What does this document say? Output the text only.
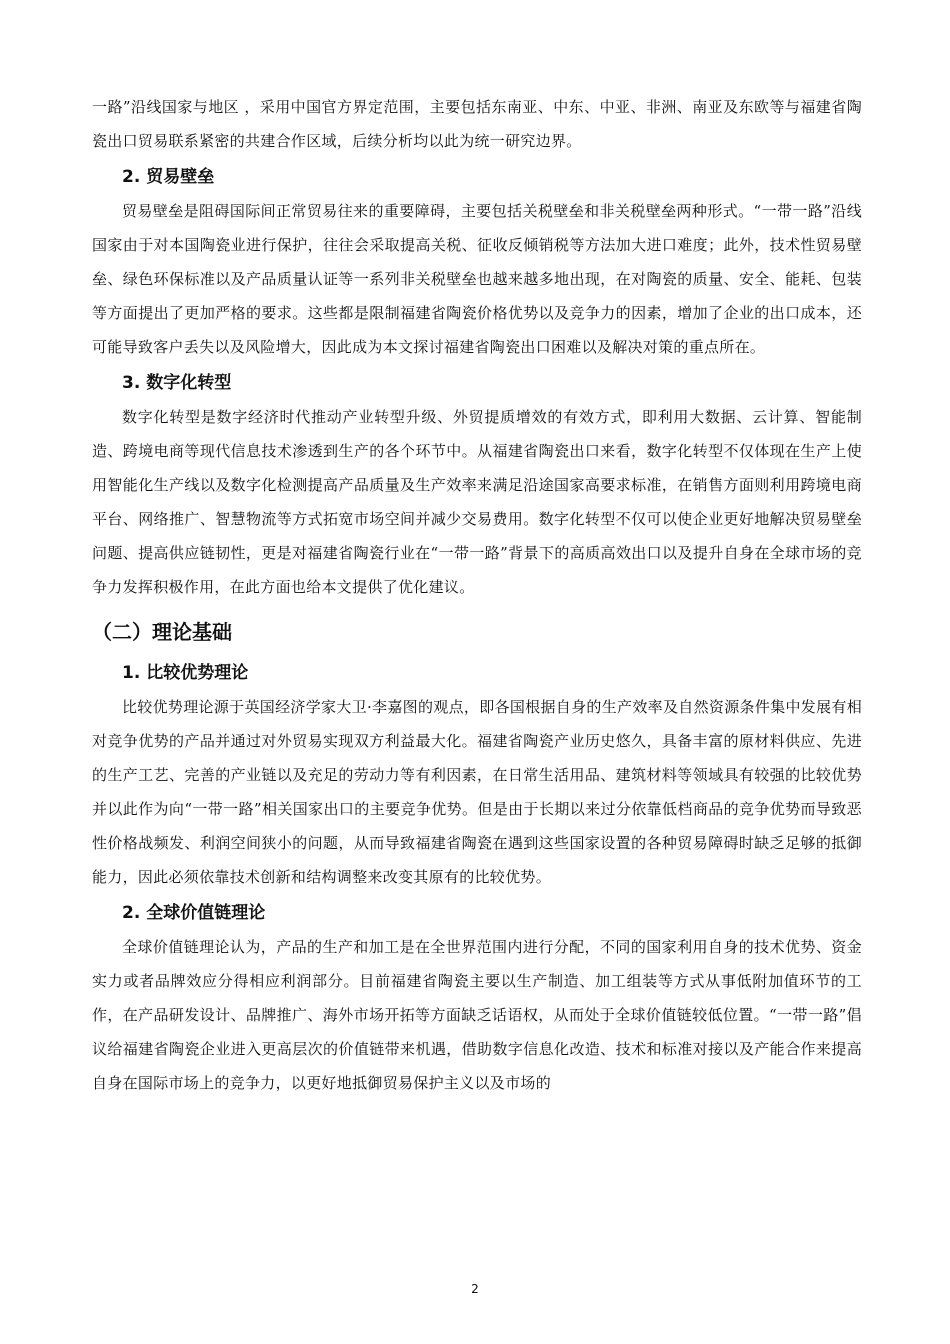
一路”沿线国家与地区 ，采用中国官方界定范围，主要包括东南亚、中东、中亚、非洲、南亚及东欧等与福建省陶瓷出口贸易联系紧密的共建合作区域，后续分析均以此为统一研究边界。

2. 贸易壁垒

贸易壁垒是阻碍国际间正常贸易往来的重要障碍，主要包括关税壁垒和非关税壁垒两种形式。“一带一路”沿线国家由于对本国陶瓷业进行保护，往往会采取提高关税、征收反倾销税等方法加大进口难度；此外，技术性贸易壁垒、绿色环保标准以及产品质量认证等一系列非关税壁垒也越来越多地出现，在对陶瓷的质量、安全、能耗、包装等方面提出了更加严格的要求。这些都是限制福建省陶瓷价格优势以及竞争力的因素，增加了企业的出口成本，还可能导致客户丢失以及风险增大，因此成为本文探讨福建省陶瓷出口困难以及解决对策的重点所在。

3. 数字化转型

数字化转型是数字经济时代推动产业转型升级、外贸提质增效的有效方式，即利用大数据、云计算、智能制造、跨境电商等现代信息技术渗透到生产的各个环节中。从福建省陶瓷出口来看，数字化转型不仅体现在生产上使用智能化生产线以及数字化检测提高产品质量及生产效率来满足沿途国家高要求标准，在销售方面则利用跨境电商平台、网络推广、智慧物流等方式拓宽市场空间并减少交易费用。数字化转型不仅可以使企业更好地解决贸易壁垒问题、提高供应链韧性，更是对福建省陶瓷行业在“一带一路”背景下的高质高效出口以及提升自身在全球市场的竞争力发挥积极作用，在此方面也给本文提供了优化建议。

（二）理论基础
1. 比较优势理论

比较优势理论源于英国经济学家大卫·李嘉图的观点，即各国根据自身的生产效率及自然资源条件集中发展有相对竞争优势的产品并通过对外贸易实现双方利益最大化。福建省陶瓷产业历史悠久，具备丰富的原材料供应、先进的生产工艺、完善的产业链以及充足的劳动力等有利因素，在日常生活用品、建筑材料等领域具有较强的比较优势并以此作为向“一带一路”相关国家出口的主要竞争优势。但是由于长期以来过分依靠低档商品的竞争优势而导致恶性价格战频发、利润空间狭小的问题，从而导致福建省陶瓷在遇到这些国家设置的各种贸易障碍时缺乏足够的抵御能力，因此必须依靠技术创新和结构调整来改变其原有的比较优势。

2. 全球价值链理论

全球价值链理论认为，产品的生产和加工是在全世界范围内进行分配，不同的国家利用自身的技术优势、资金实力或者品牌效应分得相应利润部分。目前福建省陶瓷主要以生产制造、加工组装等方式从事低附加值环节的工作，在产品研发设计、品牌推广、海外市场开拓等方面缺乏话语权，从而处于全球价值链较低位置。“一带一路”倡议给福建省陶瓷企业进入更高层次的价值链带来机遇，借助数字信息化改造、技术和标准对接以及产能合作来提高自身在国际市场上的竞争力，以更好地抵御贸易保护主义以及市场的

2
